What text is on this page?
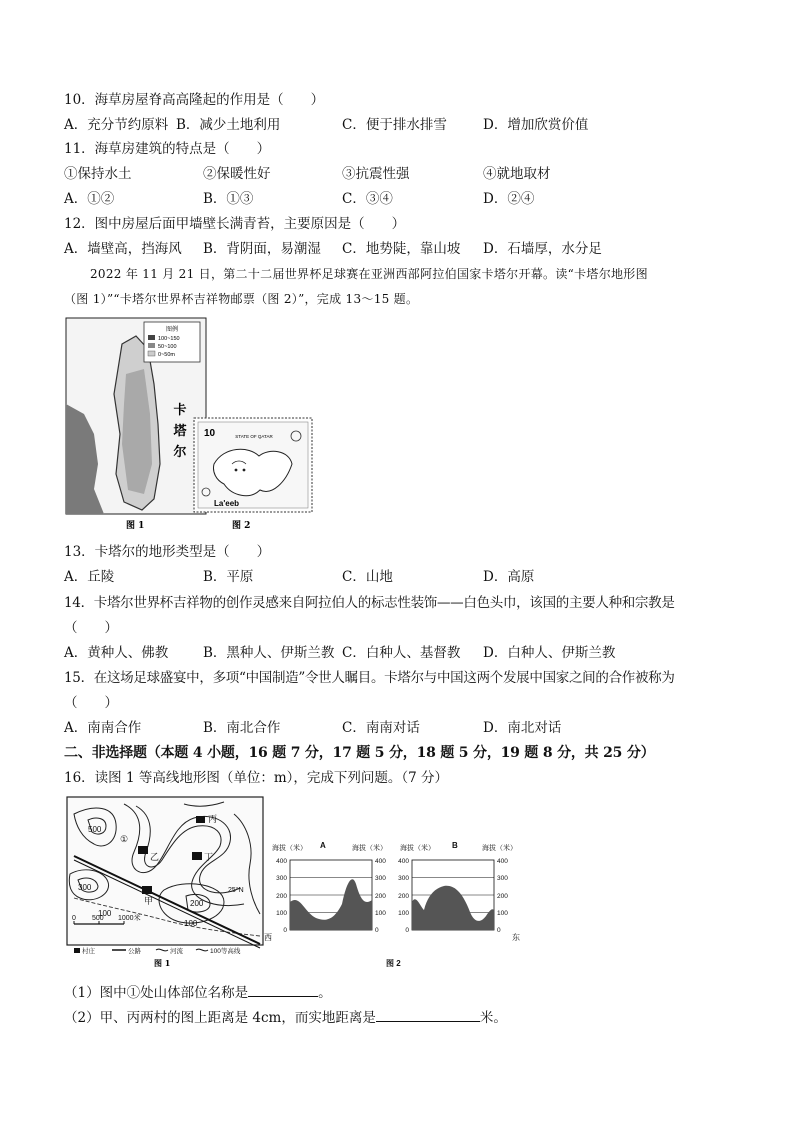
10．海草房屋脊高高隆起的作用是（　　）
A．充分节约原料 B．减少土地利用	C．便于排水排雪	D．增加欣赏价值
11．海草房建筑的特点是（　　）
①保持水土	②保暖性好	③抗震性强	④就地取材
A．①②	B．①③	C．③④	D．②④
12．图中房屋后面甲墙壁长满青苔，主要原因是（　　）
A．墙壁高，挡海风 B．背阴面，易潮湿 C．地势陡，靠山坡 D．石墙厚，水分足
2022 年 11 月 21 日，第二十二届世界杯足球赛在亚洲西部阿拉伯国家卡塔尔开幕。读“卡塔尔地形图
（图 1）”“卡塔尔世界杯吉祥物邮票（图 2）”，完成 13～15 题。
图例
100~150
50~100
0~50m
卡
塔
尔
10	STATE OF QATAR
La'eeb
图 1	图 2
13．卡塔尔的地形类型是（　　）
A．丘陵	B．平原	C．山地	D．高原
14．卡塔尔世界杯吉祥物的创作灵感来自阿拉伯人的标志性装饰——白色头巾，该国的主要人种和宗教是
（　　）
A．黄种人、佛教	B．黑种人、伊斯兰教 C．白种人、基督教 D．白种人、伊斯兰教
15．在这场足球盛宴中，多项“中国制造”令世人瞩目。卡塔尔与中国这两个发展中国家之间的合作被称为
（　　）
A．南南合作	B．南北合作	C．南南对话	D．南北对话
二、非选择题（本题 4 小题，16 题 7 分，17 题 5 分，18 题 5 分，19 题 8 分，共 25 分）
16．读图 1 等高线地形图（单位：m），完成下列问题。（7 分）
500
300
200
100
100
丙
乙	丁
甲
①
25°N
0 500 1000米
村庄	公路	河流	100等高线
图 1
海拔（米） A	海拔（米） 海拔（米） B	海拔（米）
400
300
200
100
0
400
300
200
100
0
400
300
200
100
0
400
300
200
100
0
西	东
图 2
（1）图中①处山体部位名称是	。
（2）甲、丙两村的图上距离是 4cm，而实地距离是	米。
